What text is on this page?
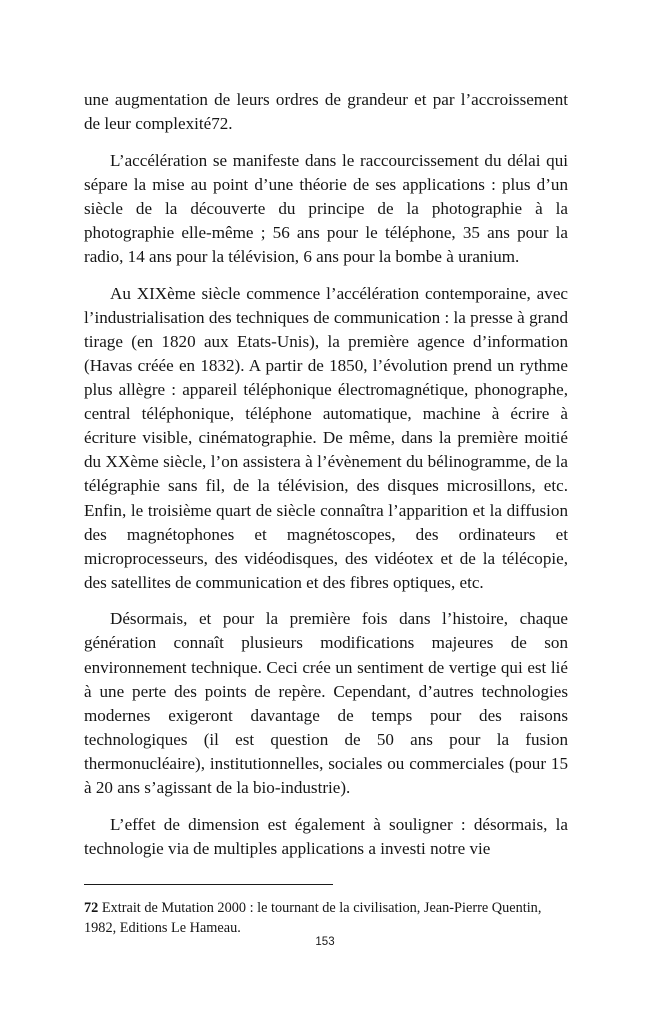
une augmentation de leurs ordres de grandeur et par l’accroissement de leur complexité72.

L’accélération se manifeste dans le raccourcissement du délai qui sépare la mise au point d’une théorie de ses applications : plus d’un siècle de la découverte du principe de la photographie à la photographie elle-même ; 56 ans pour le téléphone, 35 ans pour la radio, 14 ans pour la télévision, 6 ans pour la bombe à uranium.

Au XIXème siècle commence l’accélération contemporaine, avec l’industrialisation des techniques de communication : la presse à grand tirage (en 1820 aux Etats-Unis), la première agence d’information (Havas créée en 1832). A partir de 1850, l’évolution prend un rythme plus allègre : appareil téléphonique électromagnétique, phonographe, central téléphonique, téléphone automatique, machine à écrire à écriture visible, cinématographie. De même, dans la première moitié du XXème siècle, l’on assistera à l’évènement du bélinogramme, de la télégraphie sans fil, de la télévision, des disques microsillons, etc. Enfin, le troisième quart de siècle connaîtra l’apparition et la diffusion des magnétophones et magnétoscopes, des ordinateurs et microprocesseurs, des vidéodisques, des vidéotex et de la télécopie, des satellites de communication et des fibres optiques, etc.

Désormais, et pour la première fois dans l’histoire, chaque génération connaît plusieurs modifications majeures de son environnement technique. Ceci crée un sentiment de vertige qui est lié à une perte des points de repère. Cependant, d’autres technologies modernes exigeront davantage de temps pour des raisons technologiques (il est question de 50 ans pour la fusion thermonucléaire), institutionnelles, sociales ou commerciales (pour 15 à 20 ans s’agissant de la bio-industrie).

L’effet de dimension est également à souligner : désormais, la technologie via de multiples applications a investi notre vie

72 Extrait de Mutation 2000 : le tournant de la civilisation, Jean-Pierre Quentin, 1982, Editions Le Hameau.

153
